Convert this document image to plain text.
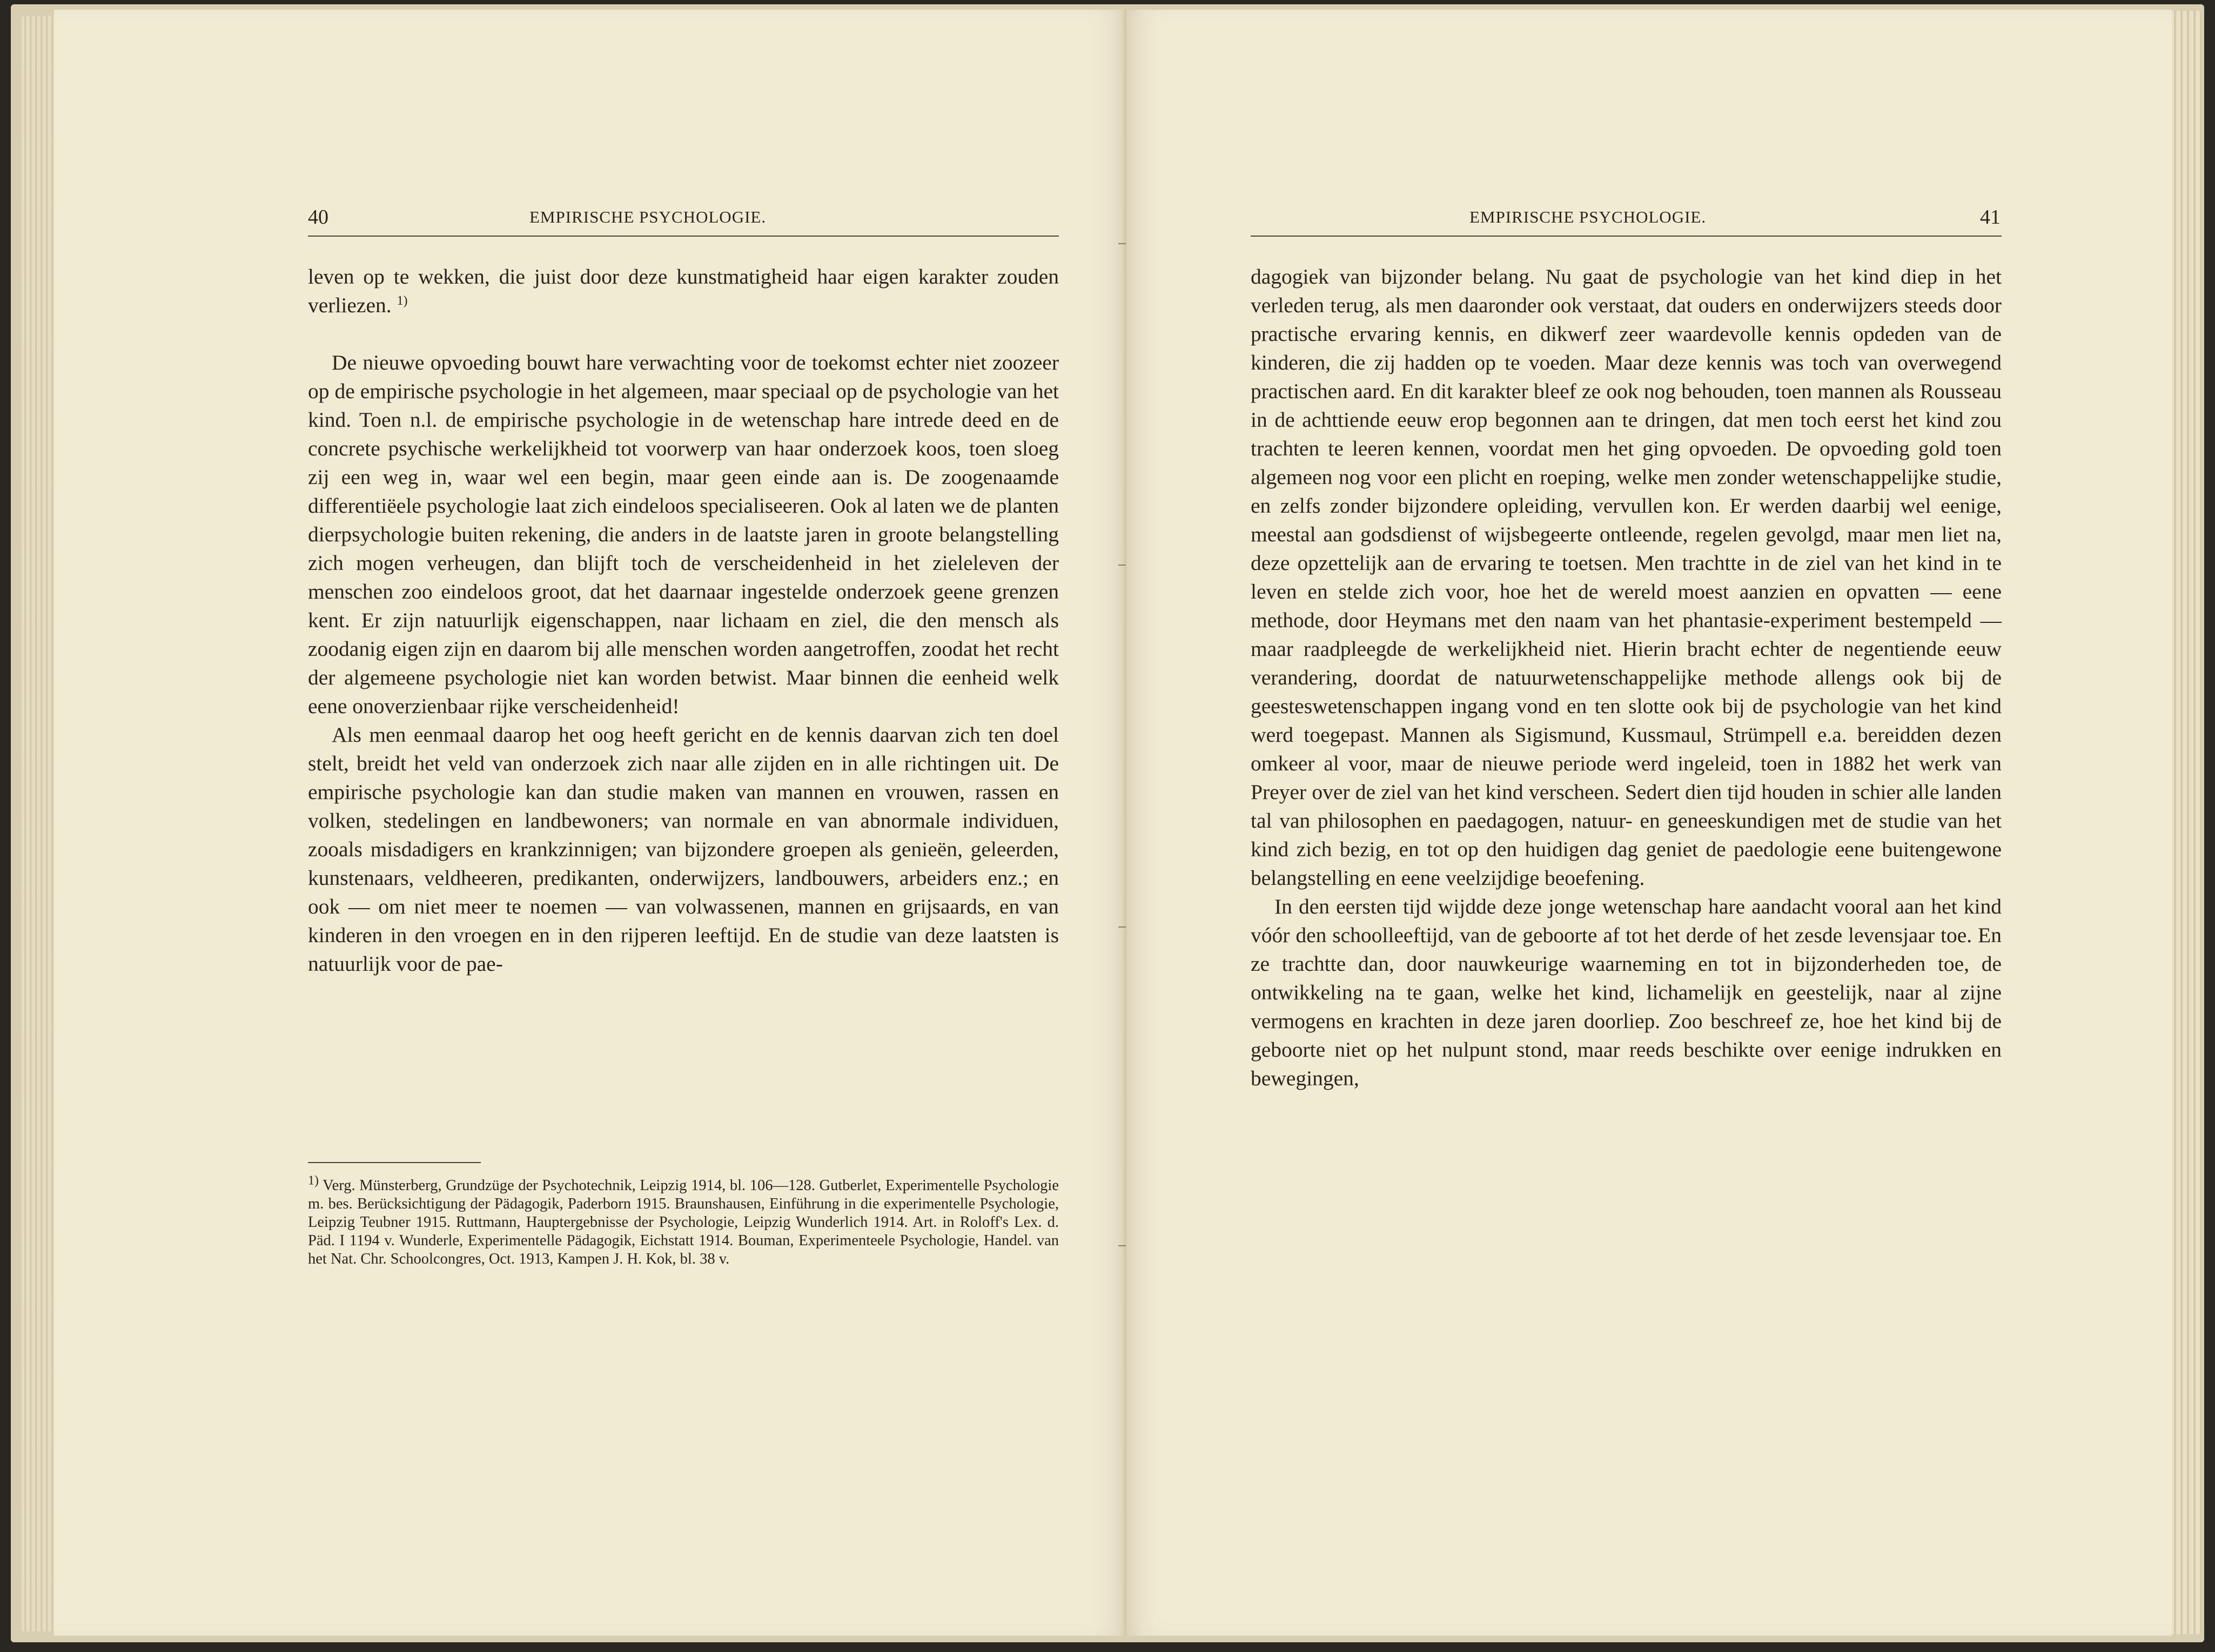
40	EMPIRISCHE PSYCHOLOGIE.

leven op te wekken, die juist door deze kunstmatigheid haar eigen karakter zouden verliezen. $^{1)}$

De nieuwe opvoeding bouwt hare verwachting voor de toekomst echter niet zoozeer op de empirische psychologie in het algemeen, maar speciaal op de psychologie van het kind. Toen n.l. de empirische psychologie in de wetenschap hare intrede deed en de concrete psychische werkelijkheid tot voorwerp van haar onderzoek koos, toen sloeg zij een weg in, waar wel een begin, maar geen einde aan is. De zoogenaamde differentiëele psychologie laat zich eindeloos specialiseeren. Ook al laten we de planten dierpsychologie buiten rekening, die anders in de laatste jaren in groote belangstelling zich mogen verheugen, dan blijft toch de verscheidenheid in het zieleleven der menschen zoo eindeloos groot, dat het daarnaar ingestelde onderzoek geene grenzen kent. Er zijn natuurlijk eigenschappen, naar lichaam en ziel, die den mensch als zoodanig eigen zijn en daarom bij alle menschen worden aangetroffen, zoodat het recht der algemeene psychologie niet kan worden betwist. Maar binnen die eenheid welk eene onoverzienbaar rijke verscheidenheid!

Als men eenmaal daarop het oog heeft gericht en de kennis daarvan zich ten doel stelt, breidt het veld van onderzoek zich naar alle zijden en in alle richtingen uit. De empirische psychologie kan dan studie maken van mannen en vrouwen, rassen en volken, stedelingen en landbewoners; van normale en van abnormale individuen, zooals misdadigers en krankzinnigen; van bijzondere groepen als genieën, geleerden, kunstenaars, veldheeren, predikanten, onderwijzers, landbouwers, arbeiders enz.; en ook — om niet meer te noemen — van volwassenen, mannen en grijsaards, en van kinderen in den vroegen en in den rijperen leeftijd. En de studie van deze laatsten is natuurlijk voor de pae-

$^{1)}$ Verg. Münsterberg, Grundzüge der Psychotechnik, Leipzig 1914, bl. 106—128. Gutberlet, Experimentelle Psychologie m. bes. Berücksichtigung der Pädagogik, Paderborn 1915. Braunshausen, Einführung in die experimentelle Psychologie, Leipzig Teubner 1915. Ruttmann, Hauptergebnisse der Psychologie, Leipzig Wunderlich 1914. Art. in Roloff's Lex. d. Päd. I 1194 v. Wunderle, Experimentelle Pädagogik, Eichstatt 1914. Bouman, Experimenteele Psychologie, Handel. van het Nat. Chr. Schoolcongres, Oct. 1913, Kampen J. H. Kok, bl. 38 v.

EMPIRISCHE PSYCHOLOGIE.	41

dagogiek van bijzonder belang. Nu gaat de psychologie van het kind diep in het verleden terug, als men daaronder ook verstaat, dat ouders en onderwijzers steeds door practische ervaring kennis, en dikwerf zeer waardevolle kennis opdeden van de kinderen, die zij hadden op te voeden. Maar deze kennis was toch van overwegend practischen aard. En dit karakter bleef ze ook nog behouden, toen mannen als Rousseau in de achttiende eeuw erop begonnen aan te dringen, dat men toch eerst het kind zou trachten te leeren kennen, voordat men het ging opvoeden. De opvoeding gold toen algemeen nog voor een plicht en roeping, welke men zonder wetenschappelijke studie, en zelfs zonder bijzondere opleiding, vervullen kon. Er werden daarbij wel eenige, meestal aan godsdienst of wijsbegeerte ontleende, regelen gevolgd, maar men liet na, deze opzettelijk aan de ervaring te toetsen. Men trachtte in de ziel van het kind in te leven en stelde zich voor, hoe het de wereld moest aanzien en opvatten — eene methode, door Heymans met den naam van het phantasie-experiment bestempeld — maar raadpleegde de werkelijkheid niet. Hierin bracht echter de negentiende eeuw verandering, doordat de natuurwetenschappelijke methode allengs ook bij de geesteswetenschappen ingang vond en ten slotte ook bij de psychologie van het kind werd toegepast. Mannen als Sigismund, Kussmaul, Strümpell e.a. bereidden dezen omkeer al voor, maar de nieuwe periode werd ingeleid, toen in 1882 het werk van Preyer over de ziel van het kind verscheen. Sedert dien tijd houden in schier alle landen tal van philosophen en paedagogen, natuur- en geneeskundigen met de studie van het kind zich bezig, en tot op den huidigen dag geniet de paedologie eene buitengewone belangstelling en eene veelzijdige beoefening.

In den eersten tijd wijdde deze jonge wetenschap hare aandacht vooral aan het kind vóór den schoolleeftijd, van de geboorte af tot het derde of het zesde levensjaar toe. En ze trachtte dan, door nauwkeurige waarneming en tot in bijzonderheden toe, de ontwikkeling na te gaan, welke het kind, lichamelijk en geestelijk, naar al zijne vermogens en krachten in deze jaren doorliep. Zoo beschreef ze, hoe het kind bij de geboorte niet op het nulpunt stond, maar reeds beschikte over eenige indrukken en bewegingen,
